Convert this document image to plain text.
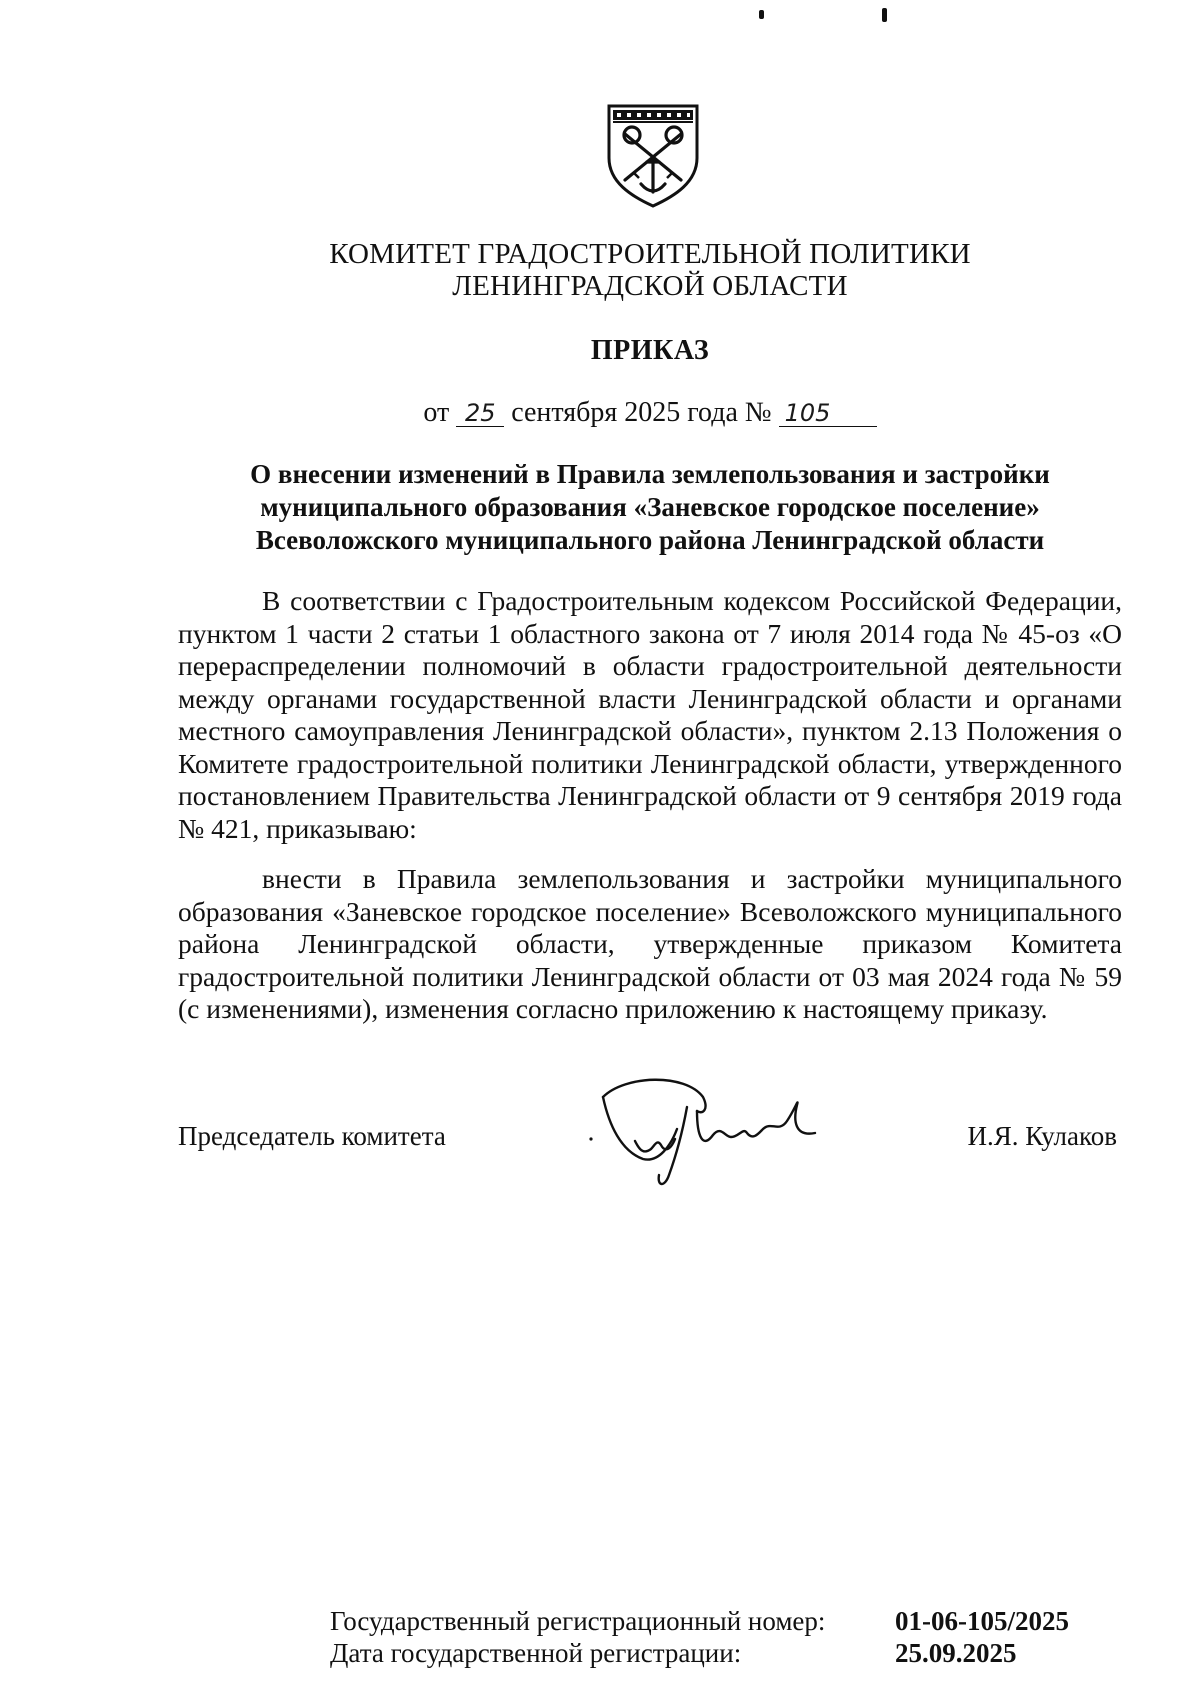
КОМИТЕТ ГРАДОСТРОИТЕЛЬНОЙ ПОЛИТИКИ
ЛЕНИНГРАДСКОЙ ОБЛАСТИ
ПРИКАЗ
от 25 сентября 2025 года № 105
О внесении изменений в Правила землепользования и застройки
муниципального образования «Заневское городское поселение»
Всеволожского муниципального района Ленинградской области
В соответствии с Градостроительным кодексом Российской Федерации, пунктом 1 части 2 статьи 1 областного закона от 7 июля 2014 года № 45-оз «О перераспределении полномочий в области градостроительной деятельности между органами государственной власти Ленинградской области и органами местного самоуправления Ленинградской области», пунктом 2.13 Положения о Комитете градостроительной политики Ленинградской области, утвержденного постановлением Правительства Ленинградской области от 9 сентября 2019 года № 421, приказываю:
внести в Правила землепользования и застройки муниципального образования «Заневское городское поселение» Всеволожского муниципального района Ленинградской области, утвержденные приказом Комитета градостроительной политики Ленинградской области от 03 мая 2024 года № 59 (с изменениями), изменения согласно приложению к настоящему приказу.
Председатель комитета	И.Я. Кулаков
Государственный регистрационный номер:	01-06-105/2025
Дата государственной регистрации:	25.09.2025
